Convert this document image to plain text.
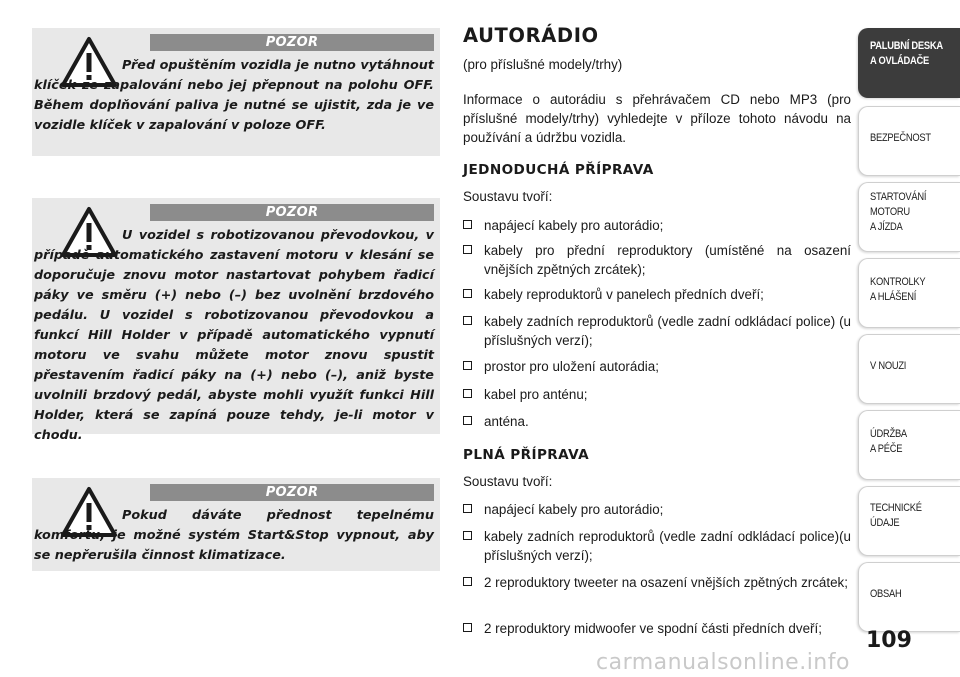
POZOR
Před opuštěním vozidla je nutno vytáhnout klíček ze zapalování nebo jej přepnout na polohu OFF. Během doplňování paliva je nutné se ujistit, zda je ve vozidle klíček v zapalování v poloze OFF.
POZOR
U vozidel s robotizovanou převodovkou, v případě automatického zastavení motoru v klesání se doporučuje znovu motor nastartovat pohybem řadicí páky ve směru (+) nebo (–) bez uvolnění brzdového pedálu. U vozidel s robotizovanou převodovkou a funkcí Hill Holder v případě automatického vypnutí motoru ve svahu můžete motor znovu spustit přestavením řadicí páky na (+) nebo (–), aniž byste uvolnili brzdový pedál, abyste mohli využít funkci Hill Holder, která se zapíná pouze tehdy, je-li motor v chodu.
POZOR
Pokud dáváte přednost tepelnému komfortu, je možné systém Start&Stop vypnout, aby se nepřerušila činnost klimatizace.
AUTORÁDIO
(pro příslušné modely/trhy)
Informace o autorádiu s přehrávačem CD nebo MP3 (pro příslušné modely/trhy) vyhledejte v příloze tohoto návodu na používání a údržbu vozidla.
JEDNODUCHÁ PŘÍPRAVA
Soustavu tvoří:
napájecí kabely pro autorádio;
kabely pro přední reproduktory (umístěné na osazení vnějších zpětných zrcátek);
kabely reproduktorů v panelech předních dveří;
kabely zadních reproduktorů (vedle zadní odkládací police) (u příslušných verzí);
prostor pro uložení autorádia;
kabel pro anténu;
anténa.
PLNÁ PŘÍPRAVA
Soustavu tvoří:
napájecí kabely pro autorádio;
kabely zadních reproduktorů (vedle zadní odkládací police)(u příslušných verzí);
2 reproduktory tweeter na osazení vnějších zpětných zrcátek;
2 reproduktory midwoofer ve spodní části předních dveří;
PALUBNÍ DESKA
A OVLÁDAČE
BEZPEČNOST
STARTOVÁNÍ
MOTORU
A JÍZDA
KONTROLKY
A HLÁŠENÍ
V NOUZI
ÚDRŽBA
A PÉČE
TECHNICKÉ
ÚDAJE
OBSAH
109
carmanualsonline.info
